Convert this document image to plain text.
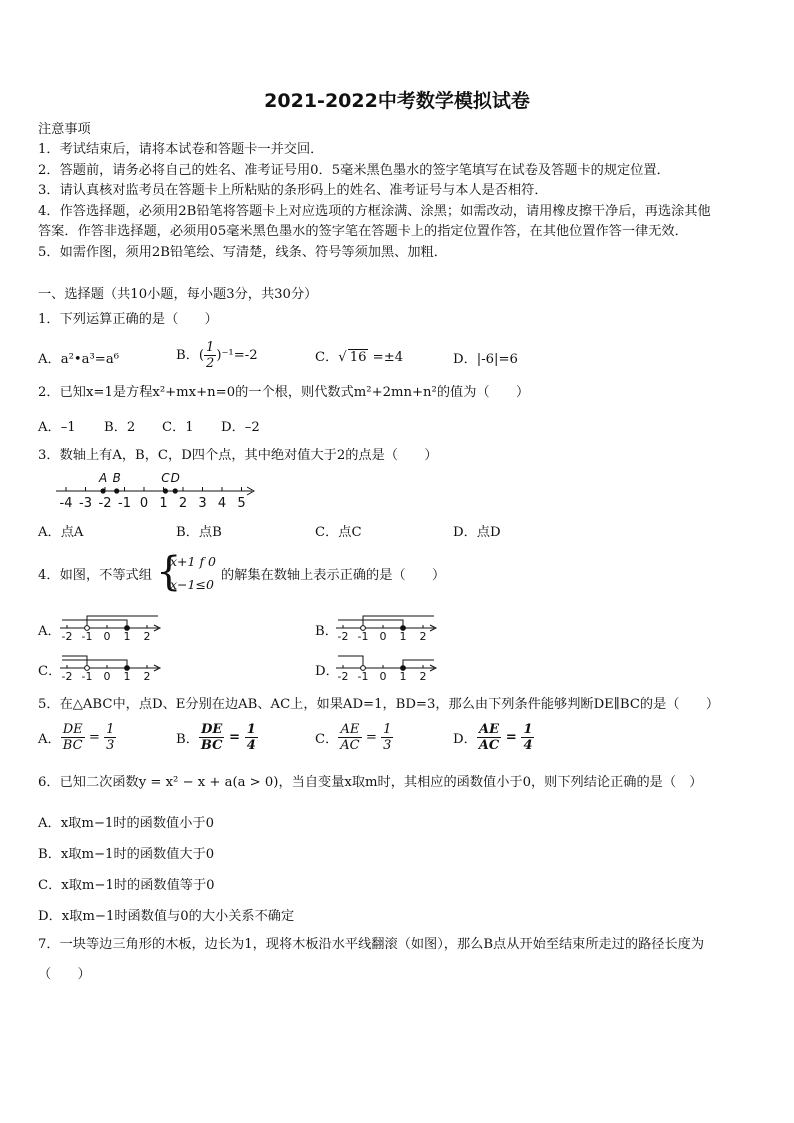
2021-2022中考数学模拟试卷
注意事项
1．考试结束后，请将本试卷和答题卡一并交回．
2．答题前，请务必将自己的姓名、准考证号用0．5毫米黑色墨水的签字笔填写在试卷及答题卡的规定位置．
3．请认真核对监考员在答题卡上所粘贴的条形码上的姓名、准考证号与本人是否相符．
4．作答选择题，必须用2B铅笔将答题卡上对应选项的方框涂满、涂黑；如需改动，请用橡皮擦干净后，再选涂其他
答案．作答非选择题，必须用05毫米黑色墨水的签字笔在答题卡上的指定位置作答，在其他位置作答一律无效．
5．如需作图，须用2B铅笔绘、写清楚，线条、符号等须加黑、加粗．
一、选择题（共10小题，每小题3分，共30分）
1．下列运算正确的是（　　）
A．a²•a³=a⁶	B．( $\frac{1}{2} )^{-1}=-2$	C．√ 16 =±4	D．|-6|=6
2．已知x=1是方程x²+mx+n=0的一个根，则代数式m²+2mn+n²的值为（　　）
A．–1 B．2 C．1 D．–2
3．数轴上有A，B，C，D四个点，其中绝对值大于2的点是（　　）
-4 -3 -2 -1 0 1 2 3 4 5
A B	C D
A．点A	B．点B	C．点C	D．点D
4．如图，不等式组 {
x+1 f 0
x−1≤0
的解集在数轴上表示正确的是（　　）
A． -2 -1 0 1 2	B． -2 -1 0 1 2
C． -2 -1 0 1 2	D．
-2 -1 0 1 2
5．在△ABC中，点D、E分别在边AB、AC上，如果AD=1，BD=3，那么由下列条件能够判断DE∥BC的是（　　）
A． $\frac{DE}{BC} = \frac{1}{3}$	B． $\frac{DE}{BC} = \frac{1}{4}$	C． $\frac{AE}{AC} = \frac{1}{3}$	D． $\frac{AE}{AC} = \frac{1}{4}$
6．已知二次函数y = x² − x + a(a > 0)，当自变量x取m时，其相应的函数值小于0，则下列结论正确的是（　）
A．x取m−1时的函数值小于0
B．x取m−1时的函数值大于0
C．x取m−1时的函数值等于0
D．x取m−1时函数值与0的大小关系不确定
7．一块等边三角形的木板，边长为1，现将木板沿水平线翻滚（如图），那么B点从开始至结束所走过的路径长度为
（　　）
